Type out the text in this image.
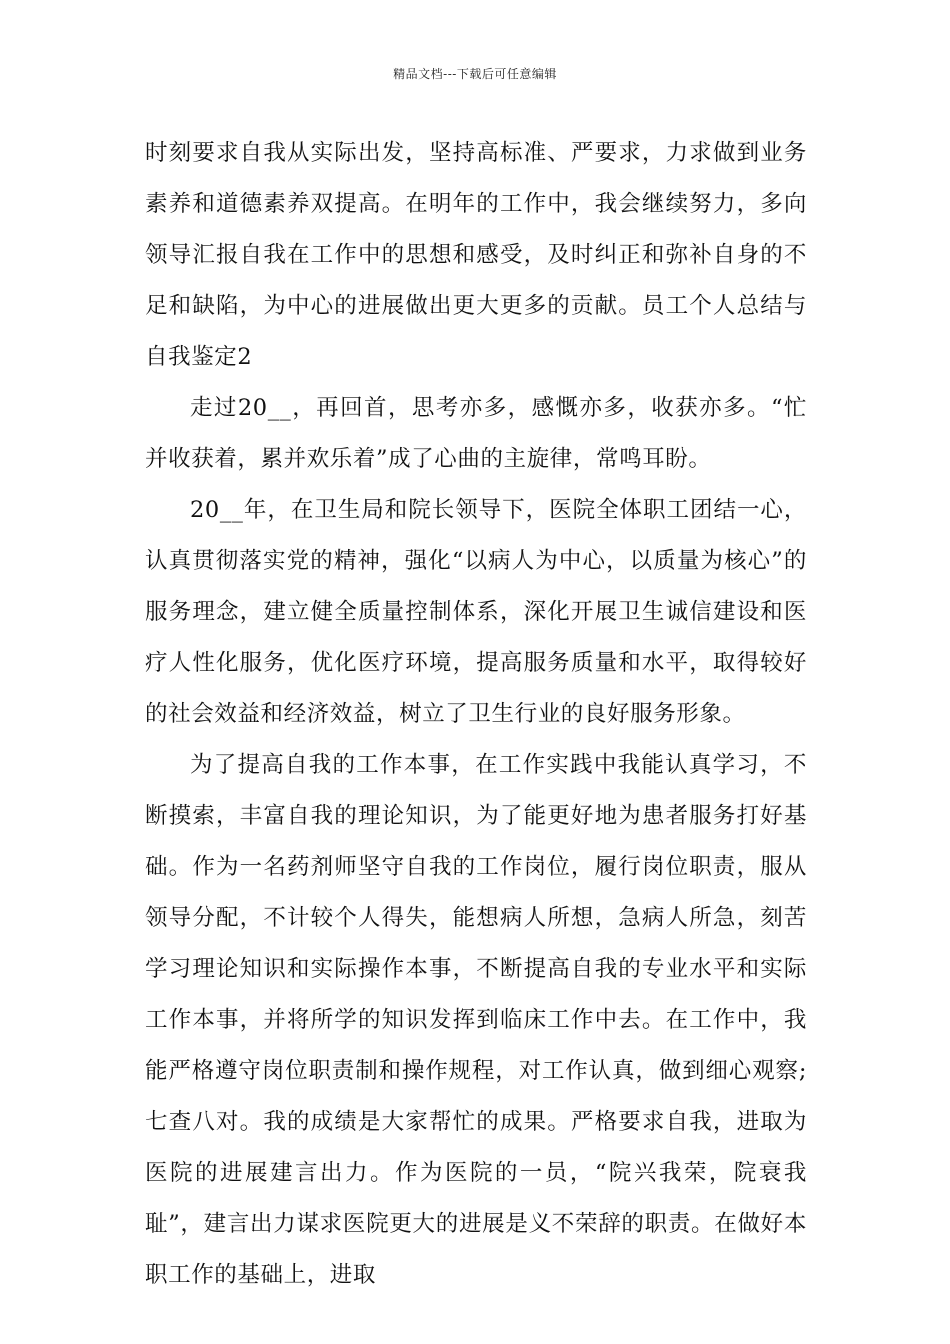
精品文档---下载后可任意编辑

时刻要求自我从实际出发，坚持高标准、严要求，力求做到业务素养和道德素养双提高。在明年的工作中，我会继续努力，多向领导汇报自我在工作中的思想和感受，及时纠正和弥补自身的不足和缺陷，为中心的进展做出更大更多的贡献。员工个人总结与自我鉴定2

走过20__，再回首，思考亦多，感慨亦多，收获亦多。“忙并收获着，累并欢乐着”成了心曲的主旋律，常鸣耳盼。

20__年，在卫生局和院长领导下，医院全体职工团结一心，认真贯彻落实党的精神，强化“以病人为中心，以质量为核心”的服务理念，建立健全质量控制体系，深化开展卫生诚信建设和医疗人性化服务，优化医疗环境，提高服务质量和水平，取得较好的社会效益和经济效益，树立了卫生行业的良好服务形象。

为了提高自我的工作本事，在工作实践中我能认真学习，不断摸索，丰富自我的理论知识，为了能更好地为患者服务打好基础。作为一名药剂师坚守自我的工作岗位，履行岗位职责，服从领导分配，不计较个人得失，能想病人所想，急病人所急，刻苦学习理论知识和实际操作本事，不断提高自我的专业水平和实际工作本事，并将所学的知识发挥到临床工作中去。在工作中，我能严格遵守岗位职责制和操作规程，对工作认真，做到细心观察;七查八对。我的成绩是大家帮忙的成果。严格要求自我，进取为医院的进展建言出力。作为医院的一员，“院兴我荣，院衰我耻”，建言出力谋求医院更大的进展是义不荣辞的职责。在做好本职工作的基础上，进取
